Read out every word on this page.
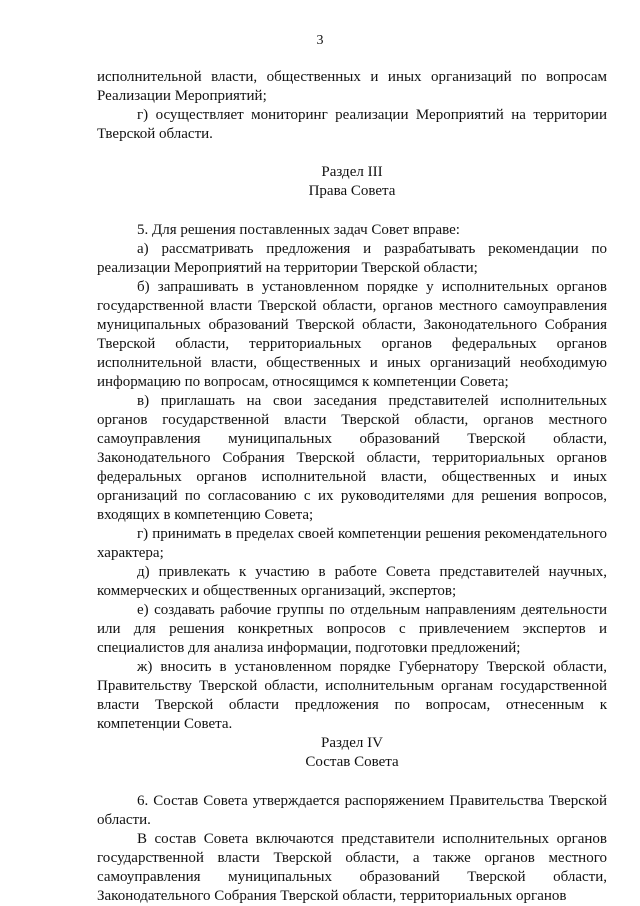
3

исполнительной власти, общественных и иных организаций по вопросам Реализации Мероприятий;

г) осуществляет мониторинг реализации Мероприятий на территории Тверской области.

Раздел III

Права Совета

5. Для решения поставленных задач Совет вправе:

а) рассматривать предложения и разрабатывать рекомендации по реализации Мероприятий на территории Тверской области;

б) запрашивать в установленном порядке у исполнительных органов государственной власти Тверской области, органов местного самоуправления муниципальных образований Тверской области, Законодательного Собрания Тверской области, территориальных органов федеральных органов исполнительной власти, общественных и иных организаций необходимую информацию по вопросам, относящимся к компетенции Совета;

в) приглашать на свои заседания представителей исполнительных органов государственной власти Тверской области, органов местного самоуправления муниципальных образований Тверской области, Законодательного Собрания Тверской области, территориальных органов федеральных органов исполнительной власти, общественных и иных организаций по согласованию с их руководителями для решения вопросов, входящих в компетенцию Совета;

г) принимать в пределах своей компетенции решения рекомендательного характера;

д) привлекать к участию в работе Совета представителей научных, коммерческих и общественных организаций, экспертов;

е) создавать рабочие группы по отдельным направлениям деятельности или для решения конкретных вопросов с привлечением экспертов и специалистов для анализа информации, подготовки предложений;

ж) вносить в установленном порядке Губернатору Тверской области, Правительству Тверской области, исполнительным органам государственной власти Тверской области предложения по вопросам, отнесенным к компетенции Совета.

Раздел IV

Состав Совета

6. Состав Совета утверждается распоряжением Правительства Тверской области.

В состав Совета включаются представители исполнительных органов государственной власти Тверской области, а также органов местного самоуправления муниципальных образований Тверской области, Законодательного Собрания Тверской области, территориальных органов
